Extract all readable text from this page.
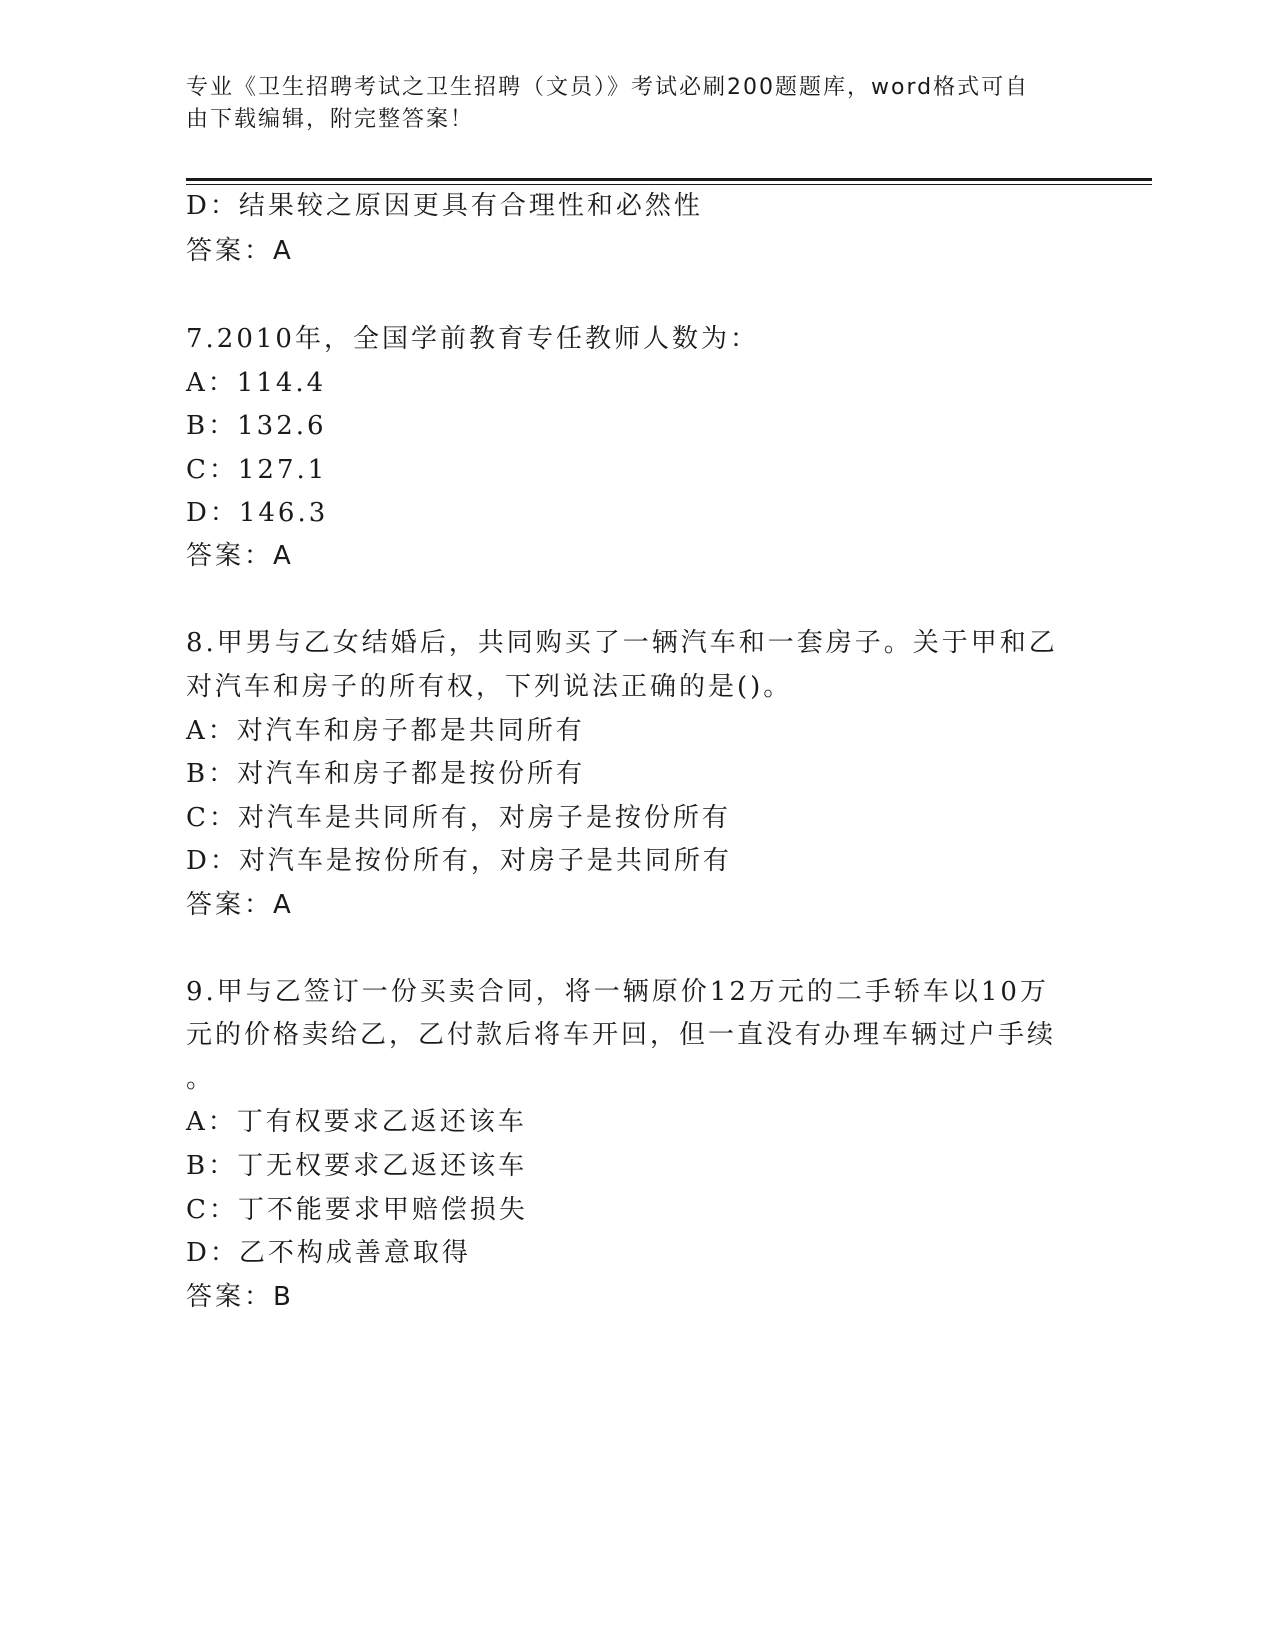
专业《卫生招聘考试之卫生招聘（文员）》考试必刷200题题库，word格式可自
由下载编辑，附完整答案！
D：结果较之原因更具有合理性和必然性
答案：A
7.2010年，全国学前教育专任教师人数为：
A：114.4
B：132.6
C：127.1
D：146.3
答案：A
8.甲男与乙女结婚后，共同购买了一辆汽车和一套房子。关于甲和乙
对汽车和房子的所有权，下列说法正确的是()。
A：对汽车和房子都是共同所有
B：对汽车和房子都是按份所有
C：对汽车是共同所有，对房子是按份所有
D：对汽车是按份所有，对房子是共同所有
答案：A
9.甲与乙签订一份买卖合同，将一辆原价12万元的二手轿车以10万
元的价格卖给乙，乙付款后将车开回，但一直没有办理车辆过户手续
。
A：丁有权要求乙返还该车
B：丁无权要求乙返还该车
C：丁不能要求甲赔偿损失
D：乙不构成善意取得
答案：B
